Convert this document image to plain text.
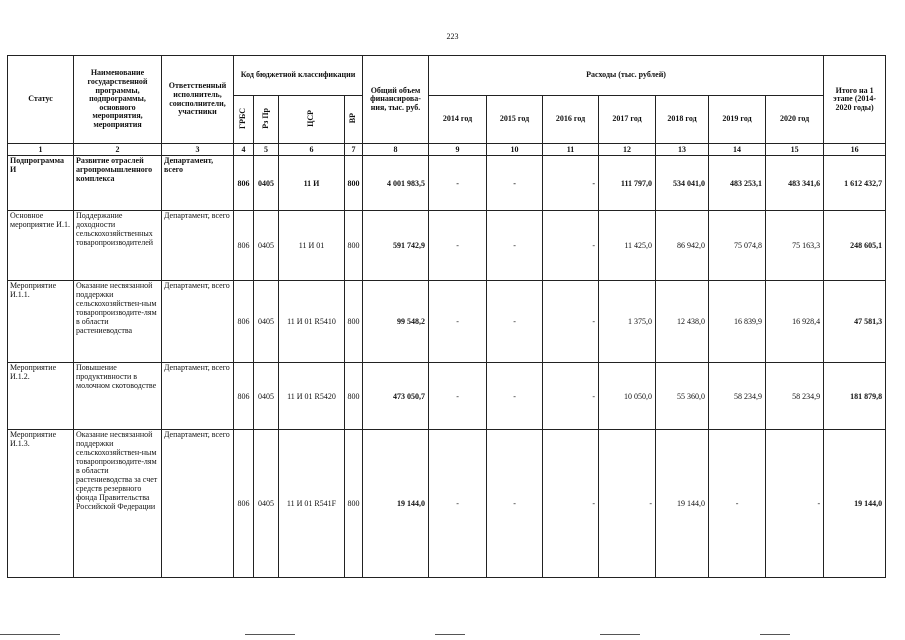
223
Статус	Наименование государственной программы, подпрограммы, основного мероприятия, мероприятия	Ответственный исполнитель, соисполнители, участники	Код бюджетной классификации				Общий объем финансирова-ния, тыс. руб.	Расходы (тыс. рублей)							Итого на 1 этапе (2014-2020 годы)
			ГРБС	Рз Пр	ЦСР	ВР		2014 год	2015 год	2016 год	2017 год	2018 год	2019 год	2020 год	
1	2	3	4	5	6	7	8	9	10	11	12	13	14	15	16
Подпрограмма И	Развитие отраслей агропромышленного комплекса	Департамент, всего	806	0405	11 И	800	4 001 983,5	-	-	-	111 797,0	534 041,0	483 253,1	483 341,6	1 612 432,7
Основное мероприятие И.1.	Поддержание доходности сельскохозяйственных товаропроизводителей	Департамент, всего	806	0405	11 И 01	800	591 742,9	-	-	-	11 425,0	86 942,0	75 074,8	75 163,3	248 605,1
Мероприятие И.1.1.	Оказание несвязанной поддержки сельскохозяйствен-ным товаропроизводите-лям в области растениеводства	Департамент, всего	806	0405	11 И 01 R5410	800	99 548,2	-	-	-	1 375,0	12 438,0	16 839,9	16 928,4	47 581,3
Мероприятие И.1.2.	Повышение продуктивности в молочном скотоводстве	Департамент, всего	806	0405	11 И 01 R5420	800	473 050,7	-	-	-	10 050,0	55 360,0	58 234,9	58 234,9	181 879,8
Мероприятие И.1.3.	Оказание несвязанной поддержки сельскохозяйствен-ным товаропроизводите-лям в области растениеводства за счет средств резервного фонда Правительства Российской Федерации	Департамент, всего	806	0405	11 И 01 R541F	800	19 144,0	-	-	-	-	19 144,0	-	-	19 144,0
